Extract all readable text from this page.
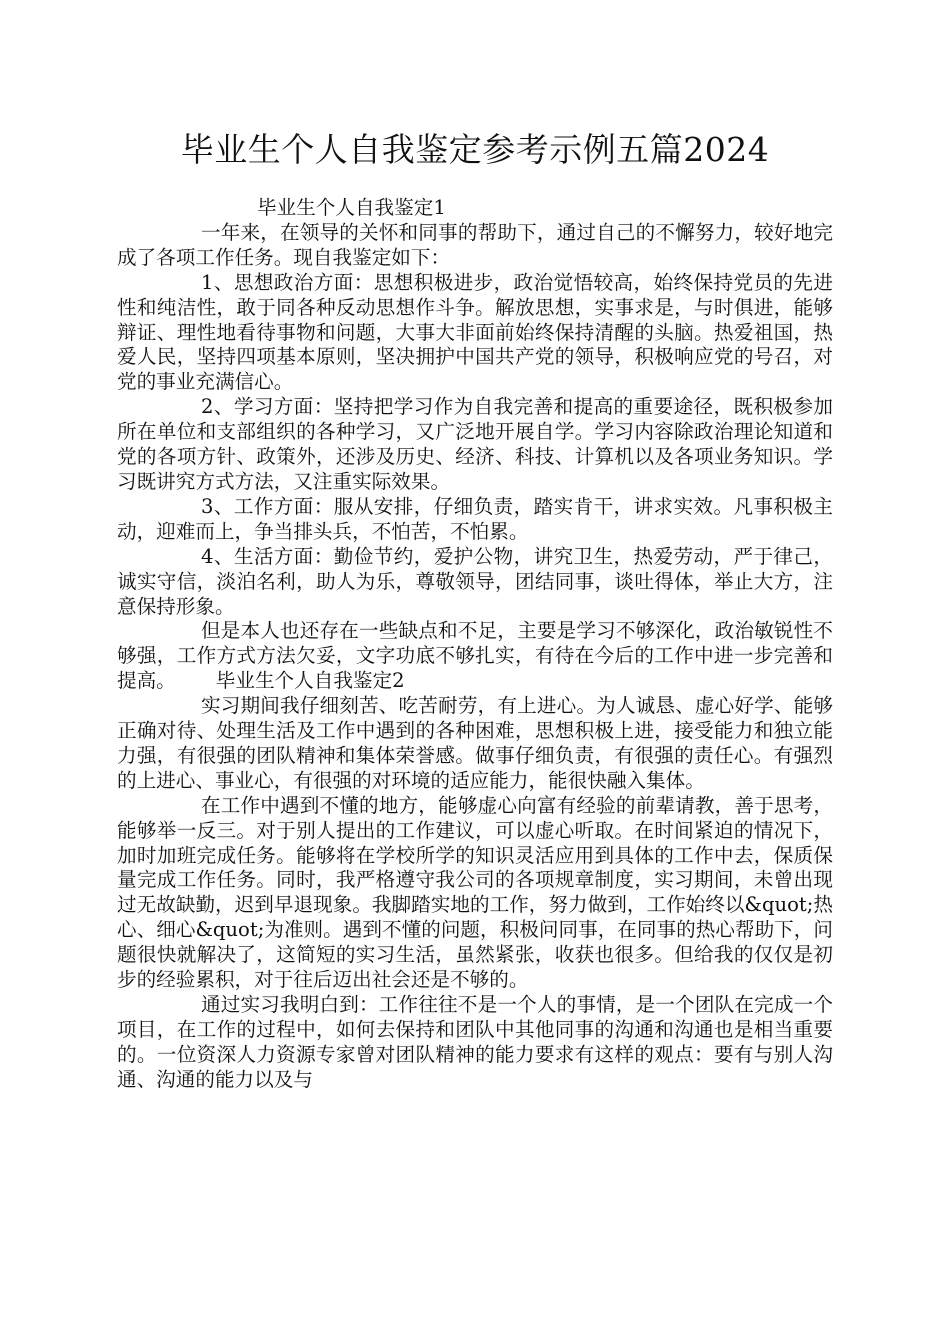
毕业生个人自我鉴定参考示例五篇2024

毕业生个人自我鉴定1

一年来，在领导的关怀和同事的帮助下，通过自己的不懈努力，较好地完成了各项工作任务。现自我鉴定如下：

1、思想政治方面：思想积极进步，政治觉悟较高，始终保持党员的先进性和纯洁性，敢于同各种反动思想作斗争。解放思想，实事求是，与时俱进，能够辩证、理性地看待事物和问题，大事大非面前始终保持清醒的头脑。热爱祖国，热爱人民，坚持四项基本原则，坚决拥护中国共产党的领导，积极响应党的号召，对党的事业充满信心。

2、学习方面：坚持把学习作为自我完善和提高的重要途径，既积极参加所在单位和支部组织的各种学习，又广泛地开展自学。学习内容除政治理论知道和党的各项方针、政策外，还涉及历史、经济、科技、计算机以及各项业务知识。学习既讲究方式方法，又注重实际效果。

3、工作方面：服从安排，仔细负责，踏实肯干，讲求实效。凡事积极主动，迎难而上，争当排头兵，不怕苦，不怕累。

4、生活方面：勤俭节约，爱护公物，讲究卫生，热爱劳动，严于律己，诚实守信，淡泊名利，助人为乐，尊敬领导，团结同事，谈吐得体，举止大方，注意保持形象。

但是本人也还存在一些缺点和不足，主要是学习不够深化，政治敏锐性不够强，工作方式方法欠妥，文字功底不够扎实，有待在今后的工作中进一步完善和提高。 毕业生个人自我鉴定2

实习期间我仔细刻苦、吃苦耐劳，有上进心。为人诚恳、虚心好学、能够正确对待、处理生活及工作中遇到的各种困难，思想积极上进，接受能力和独立能力强，有很强的团队精神和集体荣誉感。做事仔细负责，有很强的责任心。有强烈的上进心、事业心，有很强的对环境的适应能力，能很快融入集体。

在工作中遇到不懂的地方，能够虚心向富有经验的前辈请教，善于思考，能够举一反三。对于别人提出的工作建议，可以虚心听取。在时间紧迫的情况下，加时加班完成任务。能够将在学校所学的知识灵活应用到具体的工作中去，保质保量完成工作任务。同时，我严格遵守我公司的各项规章制度，实习期间，未曾出现过无故缺勤，迟到早退现象。我脚踏实地的工作，努力做到，工作始终以&quot;热心、细心&quot;为准则。遇到不懂的问题，积极问同事，在同事的热心帮助下，问题很快就解决了，这简短的实习生活，虽然紧张，收获也很多。但给我的仅仅是初步的经验累积，对于往后迈出社会还是不够的。

通过实习我明白到：工作往往不是一个人的事情，是一个团队在完成一个项目，在工作的过程中，如何去保持和团队中其他同事的沟通和沟通也是相当重要的。一位资深人力资源专家曾对团队精神的能力要求有这样的观点：要有与别人沟通、沟通的能力以及与
